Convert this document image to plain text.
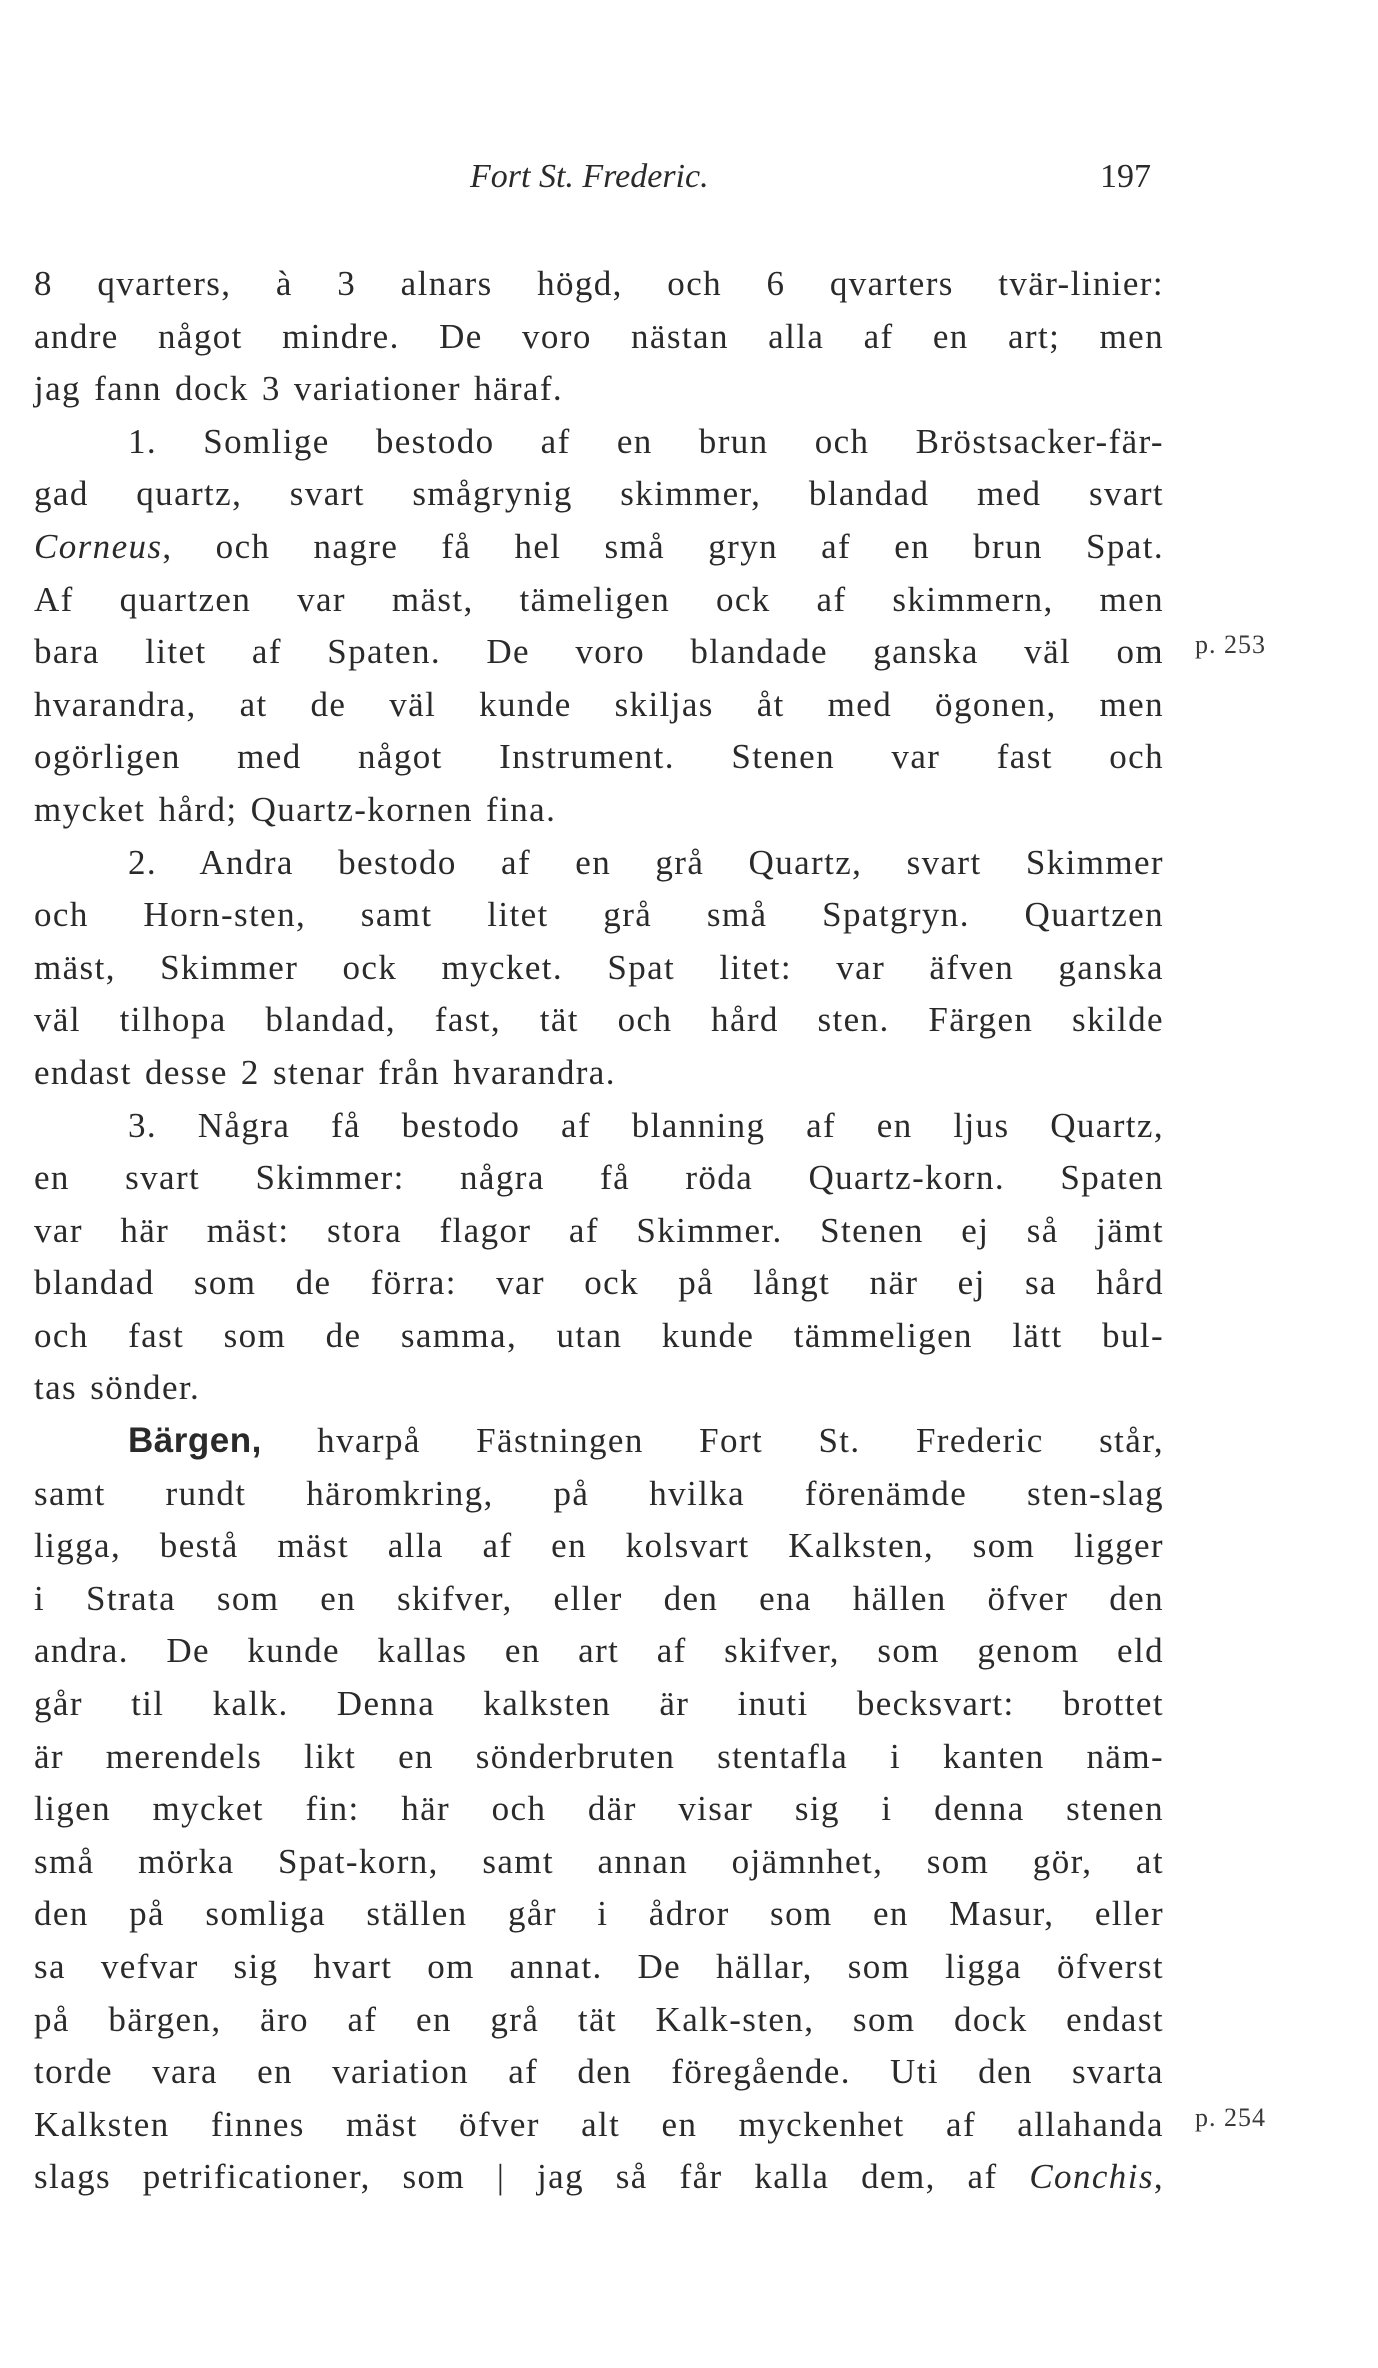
Fort St. Frederic.	197
8 qvarters, à 3 alnars högd, och 6 qvarters tvär-linier:
andre något mindre. De voro nästan alla af en art; men
jag fann dock 3 variationer häraf.
1. Somlige bestodo af en brun och Bröstsacker-fär-
gad quartz, svart smågrynig skimmer, blandad med svart
Corneus, och nagre få hel små gryn af en brun Spat.
Af quartzen var mäst, tämeligen ock af skimmern, men
bara litet af Spaten. De voro blandade ganska väl om
hvarandra, at de väl kunde skiljas åt med ögonen, men
ogörligen med något Instrument. Stenen var fast och
mycket hård; Quartz-kornen fina.
2. Andra bestodo af en grå Quartz, svart Skimmer
och Horn-sten, samt litet grå små Spatgryn. Quartzen
mäst, Skimmer ock mycket. Spat litet: var äfven ganska
väl tilhopa blandad, fast, tät och hård sten. Färgen skilde
endast desse 2 stenar från hvarandra.
3. Några få bestodo af blanning af en ljus Quartz,
en svart Skimmer: några få röda Quartz-korn. Spaten
var här mäst: stora flagor af Skimmer. Stenen ej så jämt
blandad som de förra: var ock på långt när ej sa hård
och fast som de samma, utan kunde tämmeligen lätt bul-
tas sönder.
Bärgen, hvarpå Fästningen Fort St. Frederic står,
samt rundt häromkring, på hvilka förenämde sten-slag
ligga, bestå mäst alla af en kolsvart Kalksten, som ligger
i Strata som en skifver, eller den ena hällen öfver den
andra. De kunde kallas en art af skifver, som genom eld
går til kalk. Denna kalksten är inuti becksvart: brottet
är merendels likt en sönderbruten stentafla i kanten näm-
ligen mycket fin: här och där visar sig i denna stenen
små mörka Spat-korn, samt annan ojämnhet, som gör, at
den på somliga ställen går i ådror som en Masur, eller
sa vefvar sig hvart om annat. De hällar, som ligga öfverst
på bärgen, äro af en grå tät Kalk-sten, som dock endast
torde vara en variation af den föregående. Uti den svarta
Kalksten finnes mäst öfver alt en myckenhet af allahanda
slags petrificationer, som | jag så får kalla dem, af Conchis,
p. 253
p. 254
